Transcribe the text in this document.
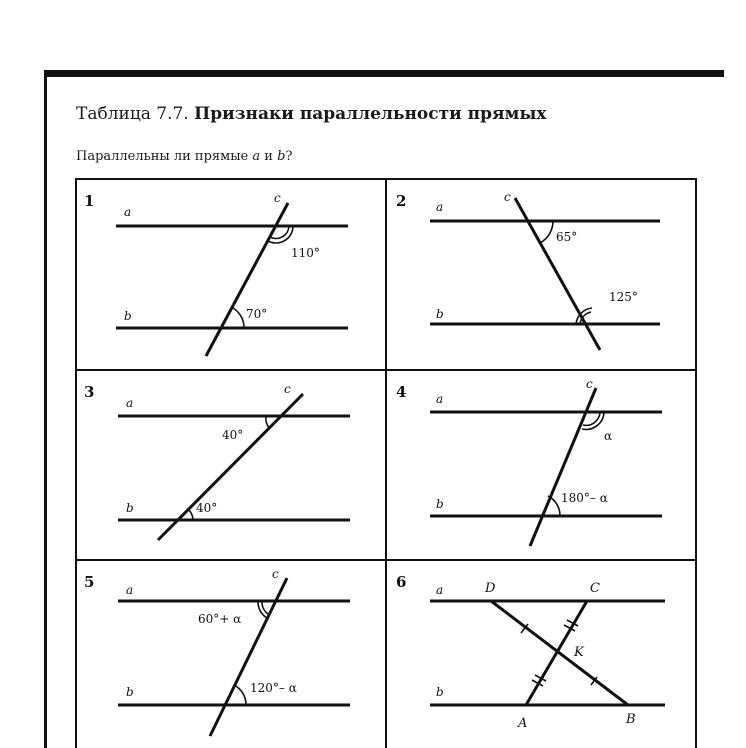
Таблица 7.7. Признаки параллельности прямых
Параллельны ли прямые a и b?
1
a
b
c
110°
70°
2 a
b
c
65°
125°
3
a
b
c
40°
40°
4 a
b
c
α
180°– α
5	a
b
c
60°+ α
120°– α
6 a
b
D	C
K
A	B
